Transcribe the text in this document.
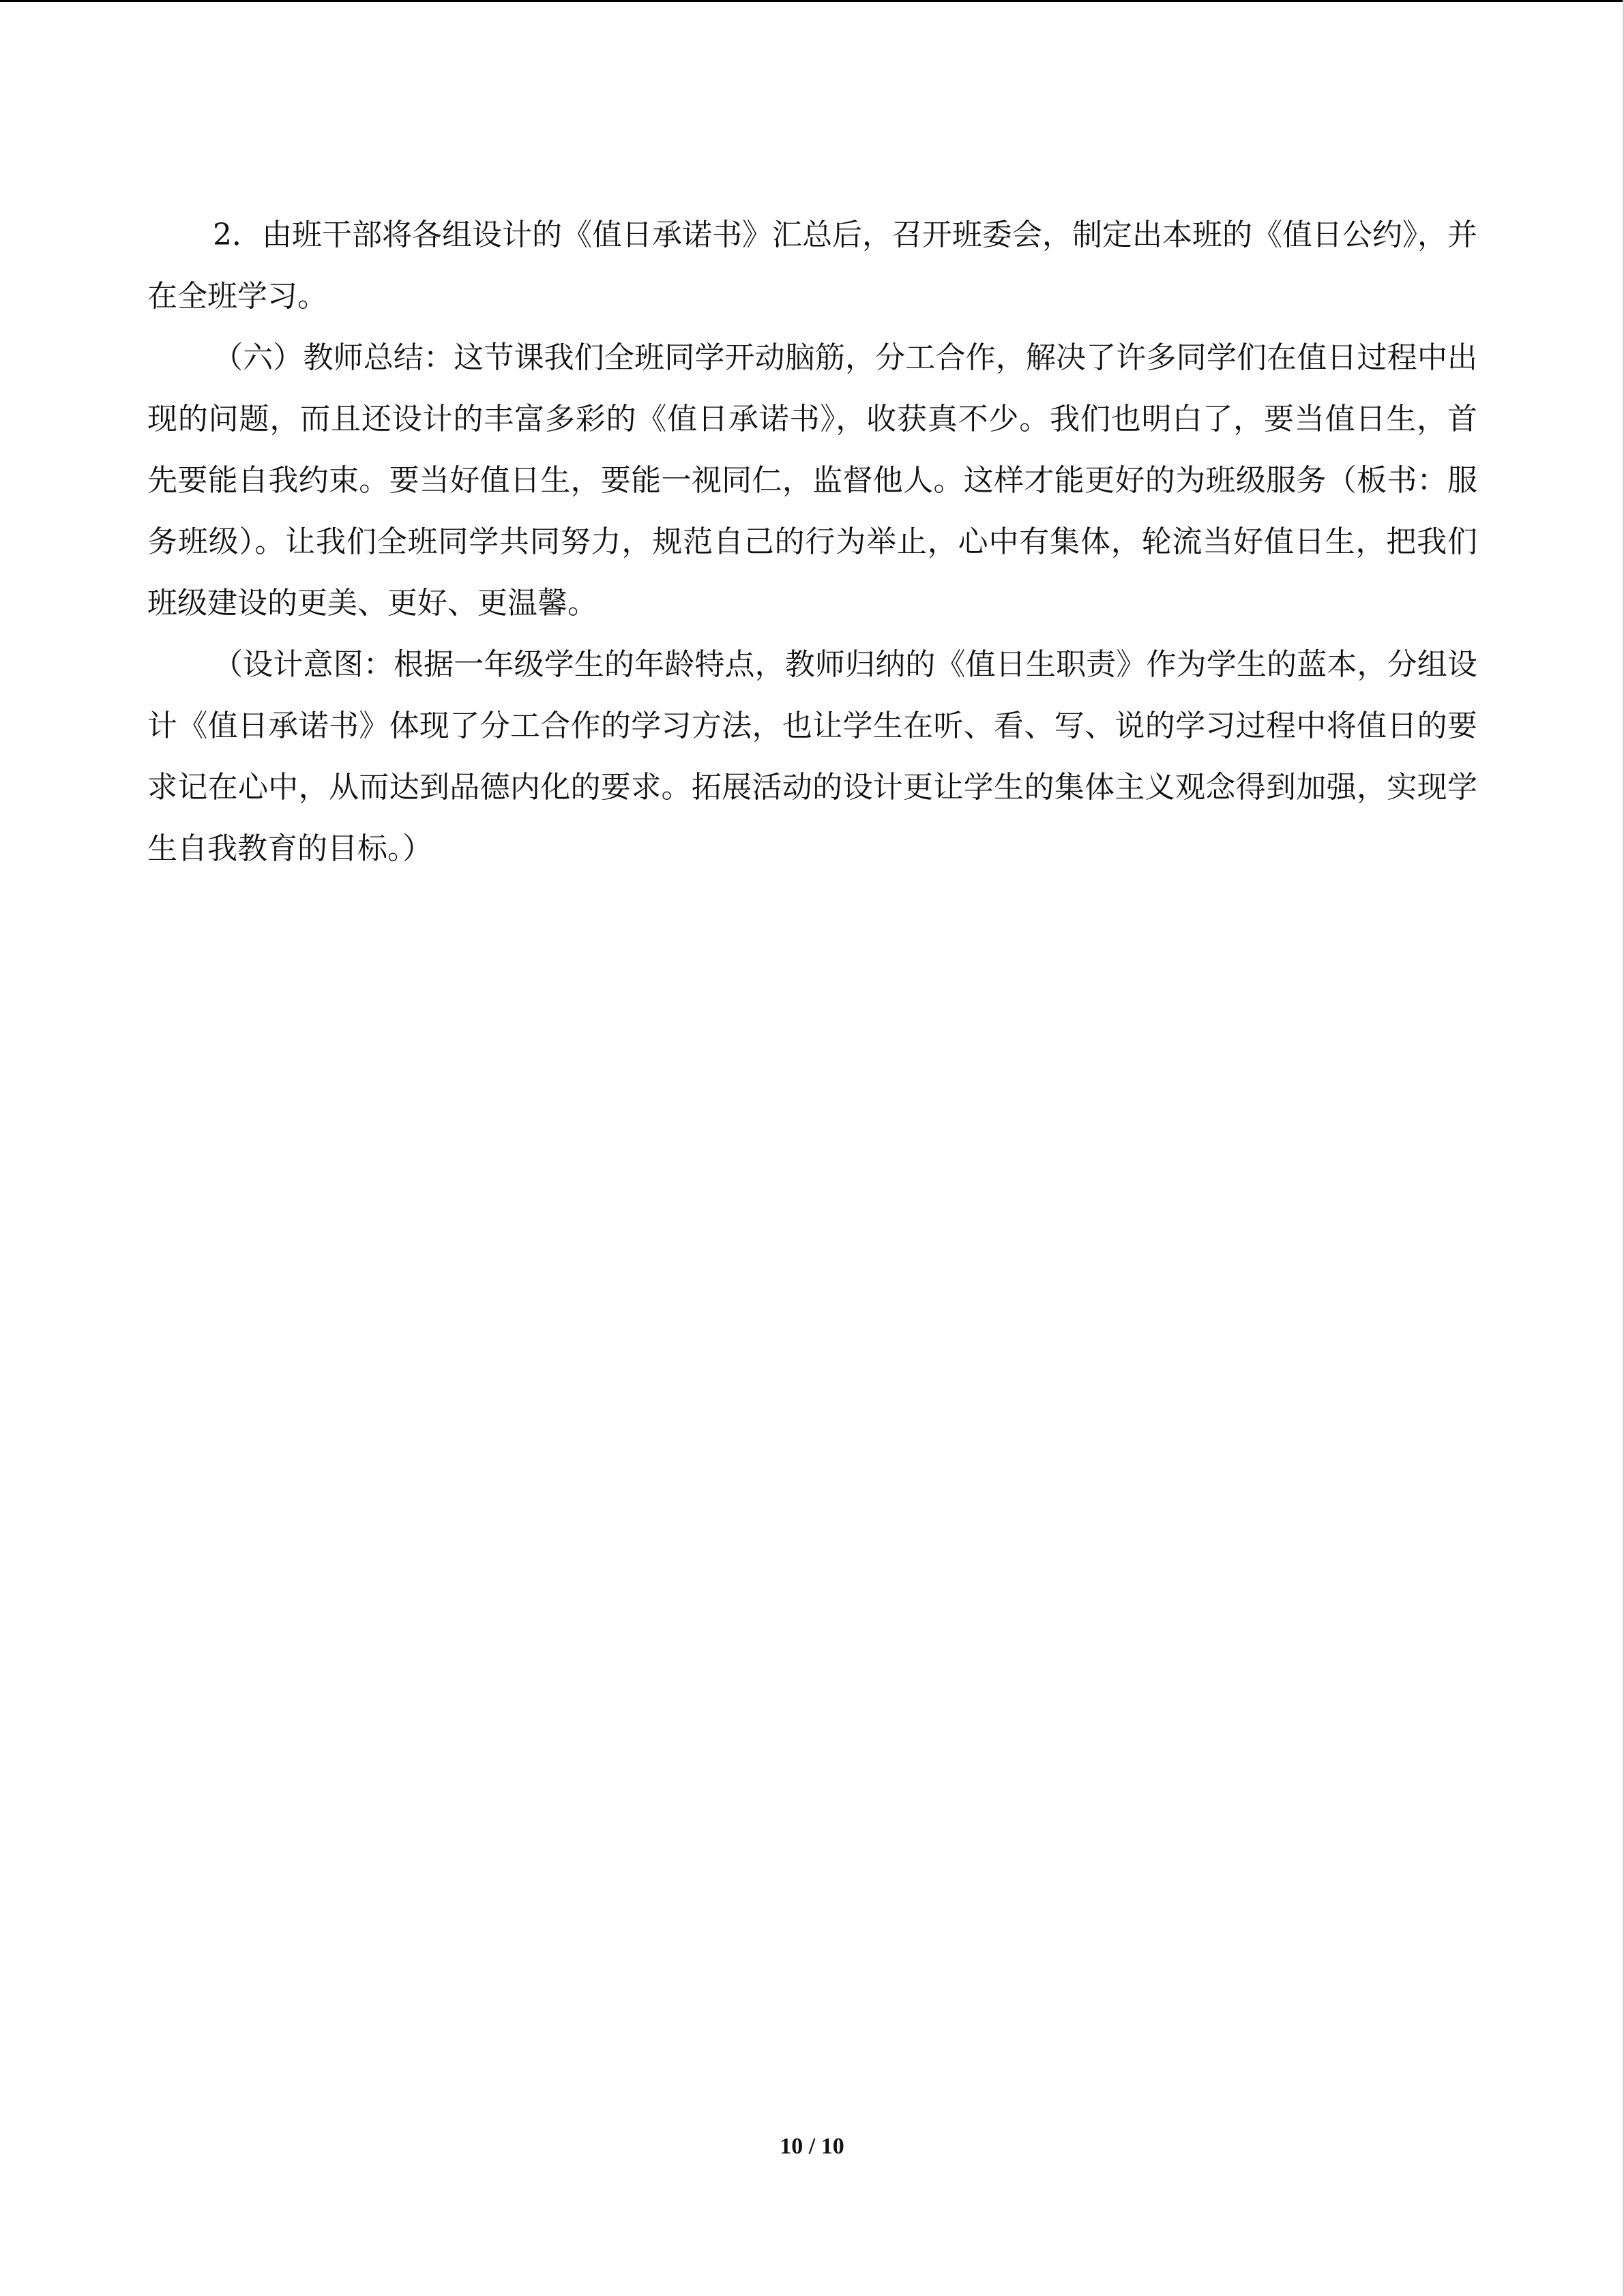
2．由班干部将各组设计的《值日承诺书》汇总后，召开班委会，制定出本班的《值日公约》，并在全班学习。

（六）教师总结：这节课我们全班同学开动脑筋，分工合作，解决了许多同学们在值日过程中出现的问题，而且还设计的丰富多彩的《值日承诺书》，收获真不少。我们也明白了，要当值日生，首先要能自我约束。要当好值日生，要能一视同仁，监督他人。这样才能更好的为班级服务（板书：服务班级）。让我们全班同学共同努力，规范自己的行为举止，心中有集体，轮流当好值日生，把我们班级建设的更美、更好、更温馨。

（设计意图：根据一年级学生的年龄特点，教师归纳的《值日生职责》作为学生的蓝本，分组设计《值日承诺书》体现了分工合作的学习方法，也让学生在听、看、写、说的学习过程中将值日的要求记在心中，从而达到品德内化的要求。拓展活动的设计更让学生的集体主义观念得到加强，实现学生自我教育的目标。）

10 / 10
